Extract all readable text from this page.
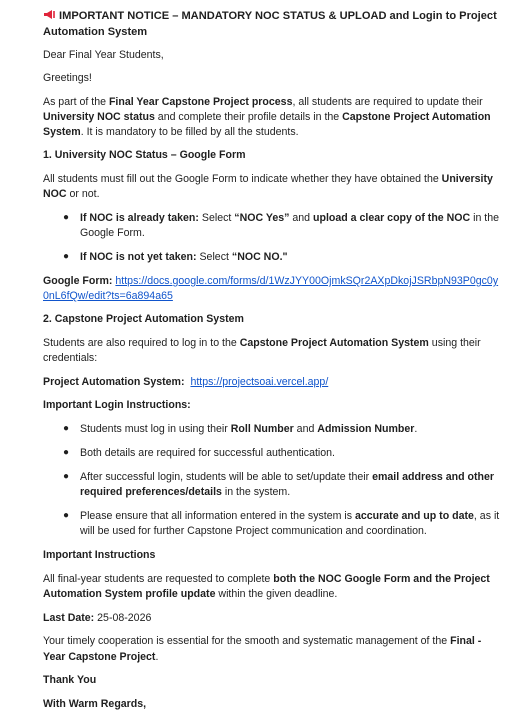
IMPORTANT NOTICE – MANDATORY NOC STATUS & UPLOAD and Login to Project Automation System
Dear Final Year Students,
Greetings!
As part of the Final Year Capstone Project process, all students are required to update their University NOC status and complete their profile details in the Capstone Project Automation System. It is mandatory to be filled by all the students.
1. University NOC Status – Google Form
All students must fill out the Google Form to indicate whether they have obtained the University NOC or not.
● If NOC is already taken: Select “NOC Yes” and upload a clear copy of the NOC in the Google Form.
● If NOC is not yet taken: Select “NOC NO."
Google Form: https://docs.google.com/forms/d/1WzJYY00OjmkSQr2AXpDkojJSRbpN93P0gc0y0nL6fQw/edit?ts=6a894a65
2. Capstone Project Automation System
Students are also required to log in to the Capstone Project Automation System using their credentials:
Project Automation System: https://projectsoai.vercel.app/
Important Login Instructions:
● Students must log in using their Roll Number and Admission Number.
● Both details are required for successful authentication.
● After successful login, students will be able to set/update their email address and other required preferences/details in the system.
● Please ensure that all information entered in the system is accurate and up to date, as it will be used for further Capstone Project communication and coordination.
Important Instructions
All final-year students are requested to complete both the NOC Google Form and the Project Automation System profile update within the given deadline.
Last Date: 25-08-2026
Your timely cooperation is essential for the smooth and systematic management of the Final -Year Capstone Project.
Thank You
With Warm Regards,
